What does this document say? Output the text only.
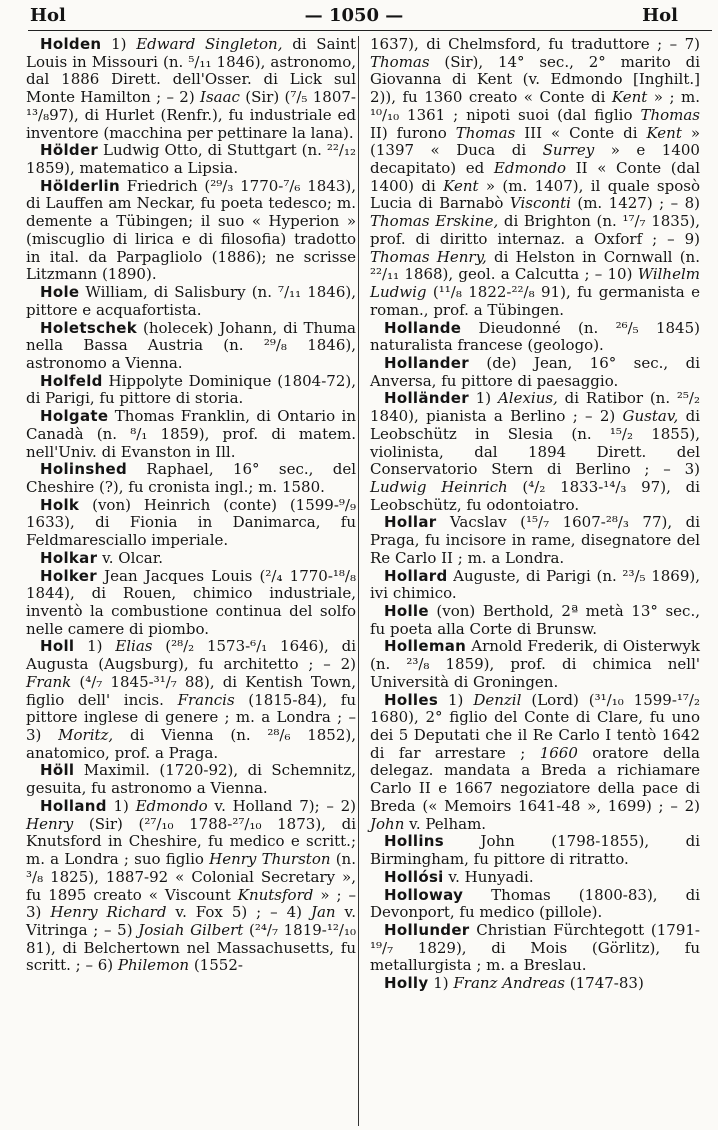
Hol	— 1050 —	Hol

Holden 1) Edward Singleton, di Saint Louis in Missouri (n. ⁵/₁₁ 1846), astronomo, dal 1886 Dirett. dell'Osser. di Lick sul Monte Hamilton ; – 2) Isaac (Sir) (⁷/₅ 1807-¹³/₈97), di Hurlet (Renfr.), fu industriale ed inventore (macchina per pettinare la lana).

Hölder Ludwig Otto, di Stuttgart (n. ²²/₁₂ 1859), matematico a Lipsia.

Hölderlin Friedrich (²⁹/₃ 1770-⁷/₆ 1843), di Lauffen am Neckar, fu poeta tedesco; m. demente a Tübingen; il suo « Hyperion » (miscuglio di lirica e di filosofia) tradotto in ital. da Parpagliolo (1886); ne scrisse Litzmann (1890).

Hole William, di Salisbury (n. ⁷/₁₁ 1846), pittore e acquafortista.

Holetschek (holecek) Johann, di Thuma nella Bassa Austria (n. ²⁹/₈ 1846), astronomo a Vienna.

Holfeld Hippolyte Dominique (1804-72), di Parigi, fu pittore di storia.

Holgate Thomas Franklin, di Ontario in Canadà (n. ⁸/₁ 1859), prof. di matem. nell'Univ. di Evanston in Ill.

Holinshed Raphael, 16° sec., del Cheshire (?), fu cronista ingl.; m. 1580.

Holk (von) Heinrich (conte) (1599-⁹/₉ 1633), di Fionia in Danimarca, fu Feldmaresciallo imperiale.

Holkar v. Olcar.

Holker Jean Jacques Louis (²/₄ 1770-¹⁸/₈ 1844), di Rouen, chimico industriale, inventò la combustione continua del solfo nelle camere di piombo.

Holl 1) Elias (²⁸/₂ 1573-⁶/₁ 1646), di Augusta (Augsburg), fu architetto ; – 2) Frank (⁴/₇ 1845-³¹/₇ 88), di Kentish Town, figlio dell' incis. Francis (1815-84), fu pittore inglese di genere ; m. a Londra ; – 3) Moritz, di Vienna (n. ²⁸/₆ 1852), anatomico, prof. a Praga.

Höll Maximil. (1720-92), di Schemnitz, gesuita, fu astronomo a Vienna.

Holland 1) Edmondo v. Holland 7); – 2) Henry (Sir) (²⁷/₁₀ 1788-²⁷/₁₀ 1873), di Knutsford in Cheshire, fu medico e scritt.; m. a Londra ; suo figlio Henry Thurston (n. ³/₈ 1825), 1887-92 « Colonial Secretary », fu 1895 creato « Viscount Knutsford » ; – 3) Henry Richard v. Fox 5) ; – 4) Jan v. Vitringa ; – 5) Josiah Gilbert (²⁴/₇ 1819-¹²/₁₀ 81), di Belchertown nel Massachusetts, fu scritt. ; – 6) Philemon (1552-

1637), di Chelmsford, fu traduttore ; – 7) Thomas (Sir), 14° sec., 2° marito di Giovanna di Kent (v. Edmondo [Inghilt.] 2)), fu 1360 creato « Conte di Kent » ; m. ¹⁰/₁₀ 1361 ; nipoti suoi (dal figlio Thomas II) furono Thomas III « Conte di Kent » (1397 « Duca di Surrey » e 1400 decapitato) ed Edmondo II « Conte (dal 1400) di Kent » (m. 1407), il quale sposò Lucia di Barnabò Visconti (m. 1427) ; – 8) Thomas Erskine, di Brighton (n. ¹⁷/₇ 1835), prof. di diritto internaz. a Oxforf ; – 9) Thomas Henry, di Helston in Cornwall (n. ²²/₁₁ 1868), geol. a Calcutta ; – 10) Wilhelm Ludwig (¹¹/₈ 1822-²²/₈ 91), fu germanista e roman., prof. a Tübingen.

Hollande Dieudonné (n. ²⁶/₅ 1845) naturalista francese (geologo).

Hollander (de) Jean, 16° sec., di Anversa, fu pittore di paesaggio.

Holländer 1) Alexius, di Ratibor (n. ²⁵/₂ 1840), pianista a Berlino ; – 2) Gustav, di Leobschütz in Slesia (n. ¹⁵/₂ 1855), violinista, dal 1894 Dirett. del Conservatorio Stern di Berlino ; – 3) Ludwig Heinrich (⁴/₂ 1833-¹⁴/₃ 97), di Leobschütz, fu odontoiatro.

Hollar Vacslav (¹⁵/₇ 1607-²⁸/₃ 77), di Praga, fu incisore in rame, disegnatore del Re Carlo II ; m. a Londra.

Hollard Auguste, di Parigi (n. ²³/₅ 1869), ivi chimico.

Holle (von) Berthold, 2ª metà 13° sec., fu poeta alla Corte di Brunsw.

Holleman Arnold Frederik, di Oisterwyk (n. ²³/₈ 1859), prof. di chimica nell' Università di Groningen.

Holles 1) Denzil (Lord) (³¹/₁₀ 1599-¹⁷/₂ 1680), 2° figlio del Conte di Clare, fu uno dei 5 Deputati che il Re Carlo I tentò 1642 di far arrestare ; 1660 oratore della delegaz. mandata a Breda a richiamare Carlo II e 1667 negoziatore della pace di Breda (« Memoirs 1641-48 », 1699) ; – 2) John v. Pelham.

Hollins John (1798-1855), di Birmingham, fu pittore di ritratto.

Hollósi v. Hunyadi.

Holloway Thomas (1800-83), di Devonport, fu medico (pillole).

Hollunder Christian Fürchtegott (1791-¹⁹/₇ 1829), di Mois (Görlitz), fu metallurgista ; m. a Breslau.

Holly 1) Franz Andreas (1747-83)
